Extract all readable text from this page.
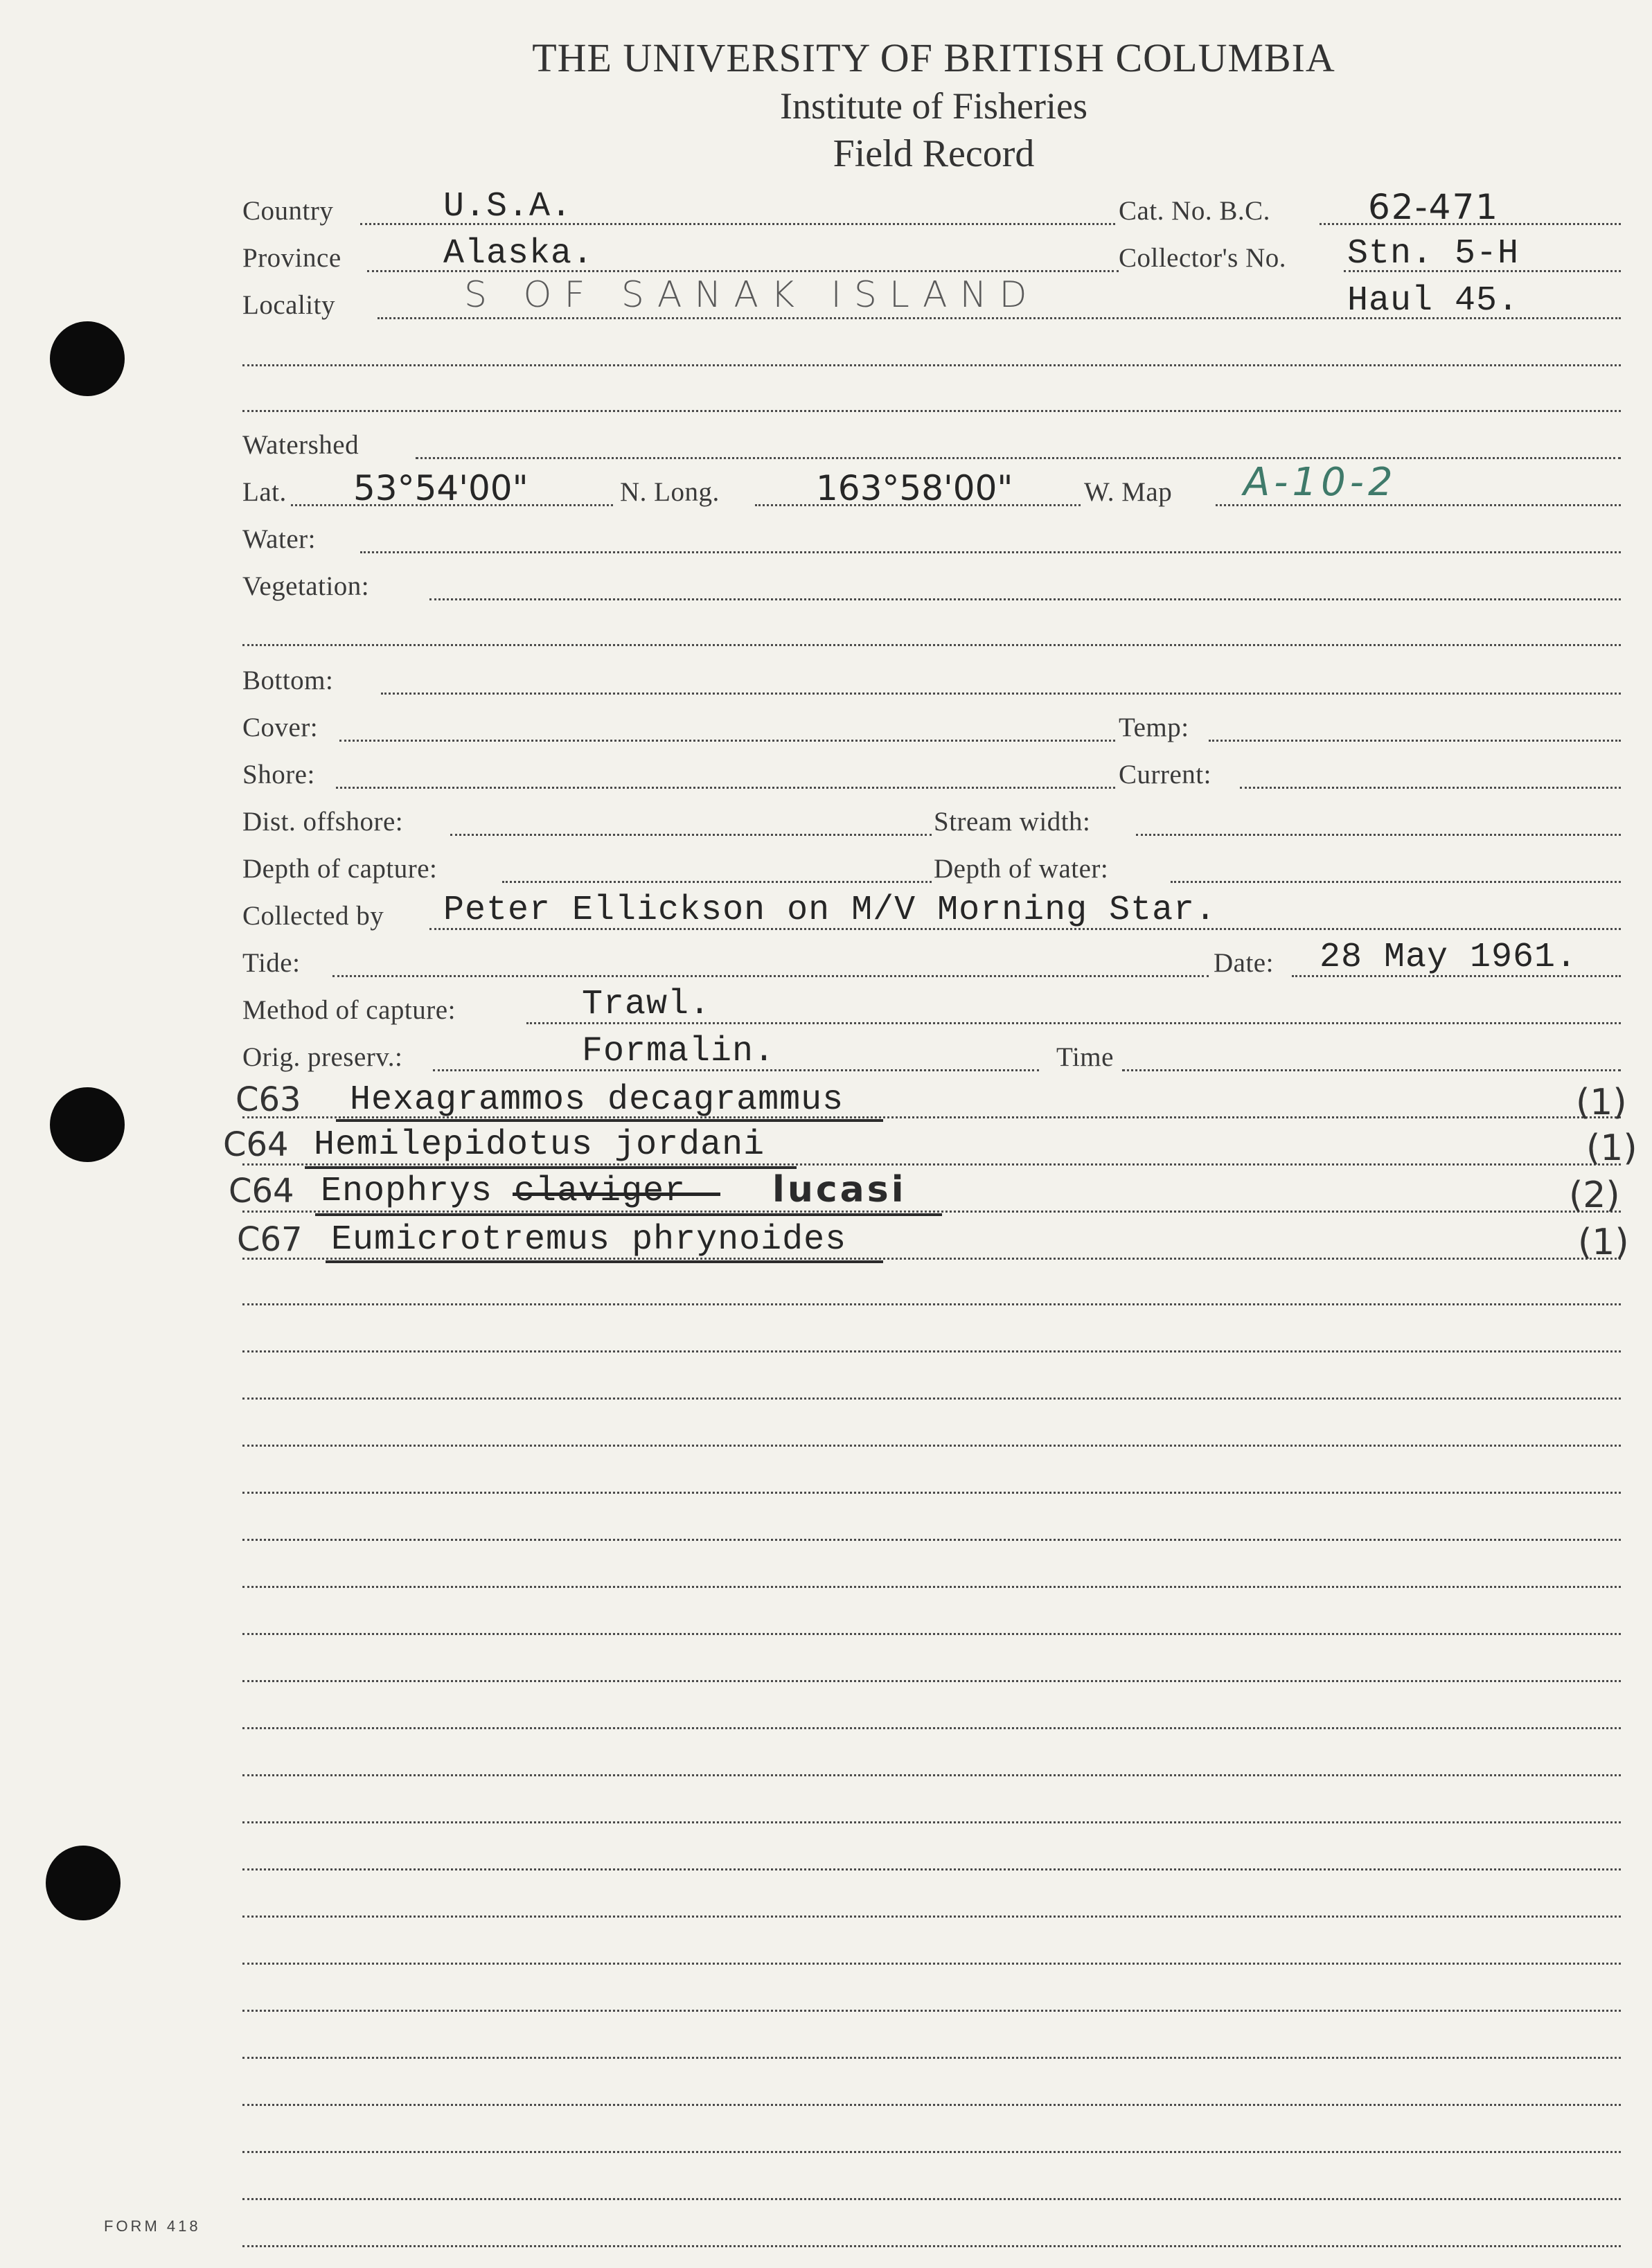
THE UNIVERSITY OF BRITISH COLUMBIA
Institute of Fisheries
Field Record
Country	U.S.A.	Cat. No. B.C.	62-471
Province	Alaska.	Collector's No. Stn. 5-H
Locality	S OF SANAK ISLAND	Haul 45.
Watershed
Lat. 53°54'00"	N. Long.	163°58'00"	W. Map A-10-2
Water:
Vegetation:
Bottom:
Cover:	Temp:
Shore:	Current:
Dist. offshore:	Stream width:
Depth of capture:	Depth of water:
Collected by Peter Ellickson on M/V Morning Star.
Tide:	Date: 28 May 1961.
Method of capture:	Trawl.
Orig. preserv.:	Formalin.	Time
C63 Hexagrammos decagrammus	(1)
C64 Hemilepidotus jordani	(1)
C64 Enophrys claviger lucasi	(2)
C67 Eumicrotremus phrynoides	(1)
FORM 418
